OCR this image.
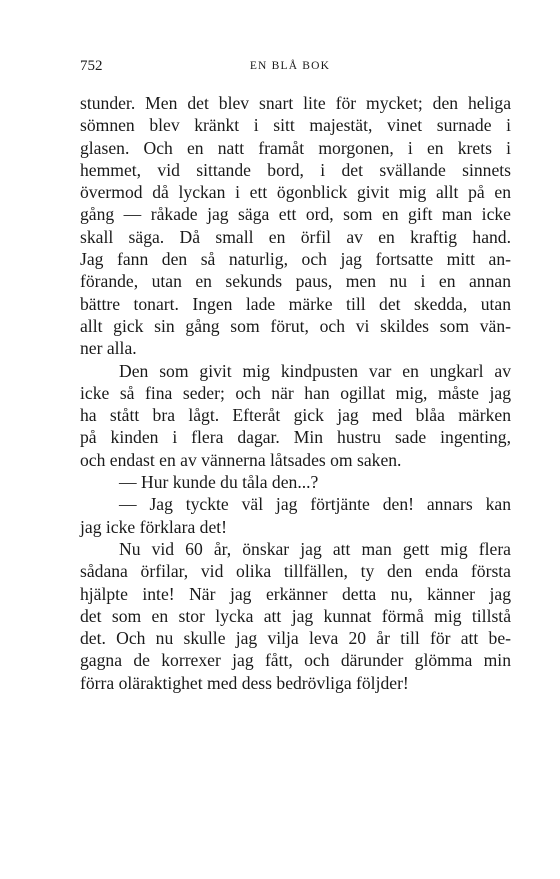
752	EN BLÅ BOK
stunder. Men det blev snart lite för mycket; den heliga
sömnen blev kränkt i sitt majestät, vinet surnade i
glasen. Och en natt framåt morgonen, i en krets i
hemmet, vid sittande bord, i det svällande sinnets
övermod då lyckan i ett ögonblick givit mig allt på en
gång — råkade jag säga ett ord, som en gift man icke
skall säga. Då small en örfil av en kraftig hand.
Jag fann den så naturlig, och jag fortsatte mitt an-
förande, utan en sekunds paus, men nu i en annan
bättre tonart. Ingen lade märke till det skedda, utan
allt gick sin gång som förut, och vi skildes som vän-
ner alla.
Den som givit mig kindpusten var en ungkarl av
icke så fina seder; och när han ogillat mig, måste jag
ha stått bra lågt. Efteråt gick jag med blåa märken
på kinden i flera dagar. Min hustru sade ingenting,
och endast en av vännerna låtsades om saken.
— Hur kunde du tåla den...?
— Jag tyckte väl jag förtjänte den! annars kan
jag icke förklara det!
Nu vid 60 år, önskar jag att man gett mig flera
sådana örfilar, vid olika tillfällen, ty den enda första
hjälpte inte! När jag erkänner detta nu, känner jag
det som en stor lycka att jag kunnat förmå mig tillstå
det. Och nu skulle jag vilja leva 20 år till för att be-
gagna de korrexer jag fått, och därunder glömma min
förra oläraktighet med dess bedrövliga följder!
